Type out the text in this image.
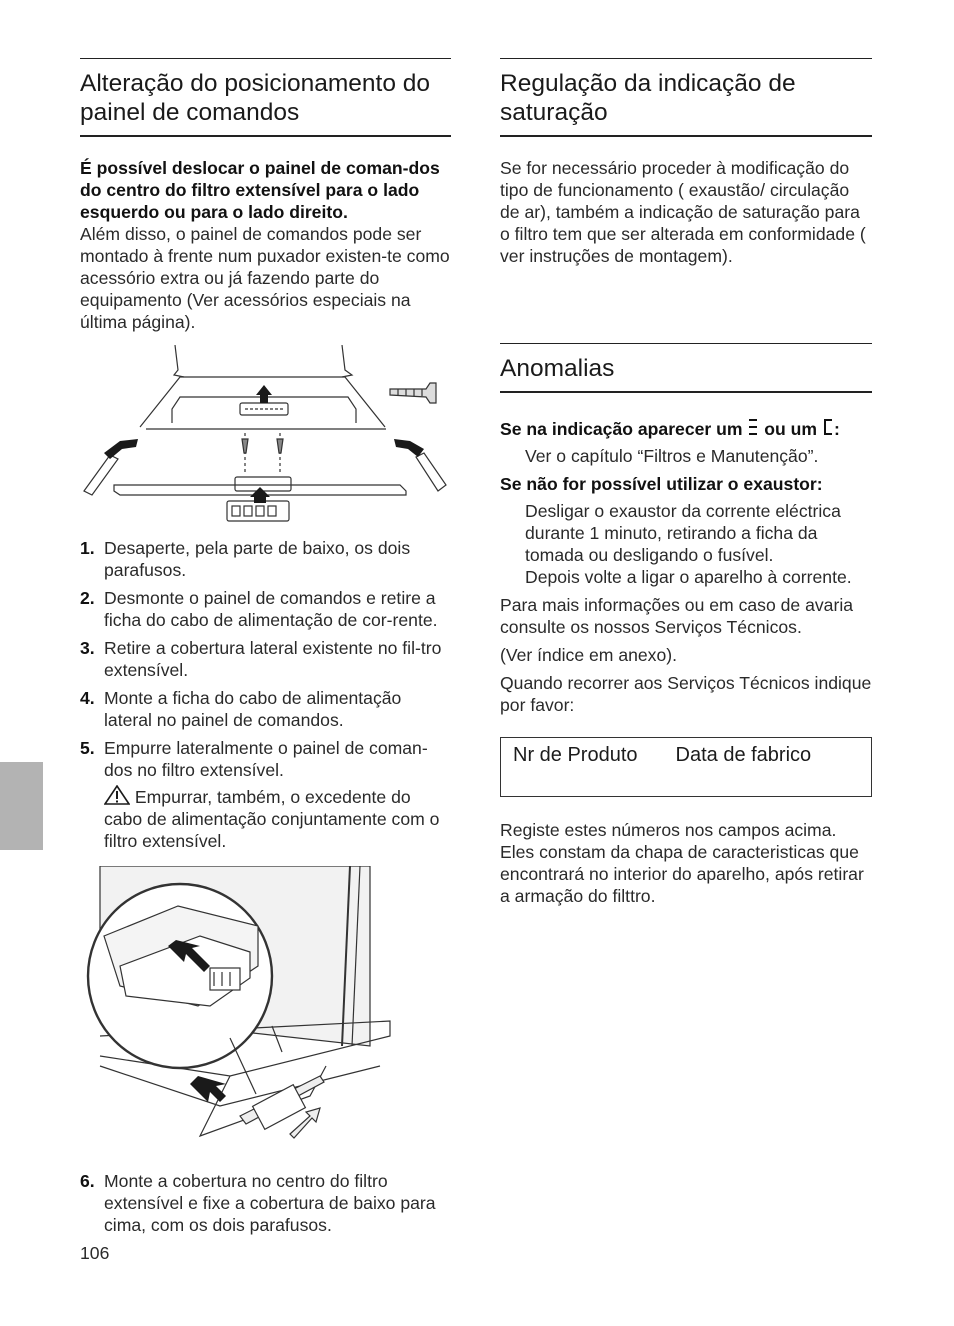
Alteração do posicionamento do painel de comandos

É possível deslocar o painel de coman-dos do centro do filtro extensível para o lado esquerdo ou para o lado direito.

Além disso, o painel de comandos pode ser montado à frente num puxador existen-te como acessório extra ou já fazendo parte do equipamento (Ver acessórios especiais na última página).

1. Desaperte, pela parte de baixo, os dois parafusos.
2. Desmonte o painel de comandos e retire a ficha do cabo de alimentação de cor-rente.
3. Retire a cobertura lateral existente no fil-tro extensível.
4. Monte a ficha do cabo de alimentação lateral no painel de comandos.
5. Empurre lateralmente o painel de coman-dos no filtro extensível.

Empurrar, também, o excedente do cabo de alimentação conjuntamente com o filtro extensível.

6. Monte a cobertura no centro do filtro extensível e fixe a cobertura de baixo para cima, com os dois parafusos.
Regulação da indicação de saturação

Se for necessário proceder à modificação do tipo de funcionamento ( exaustão/ circulação de ar), também a indicação de saturação para o filtro tem que ser alterada em conformidade ( ver instruções de montagem).

Anomalias

Se na indicação aparecer um ou um :

Ver o capítulo “Filtros e Manutenção”.

Se não for possível utilizar o exaustor:

Desligar o exaustor da corrente eléctrica durante 1 minuto, retirando a ficha da tomada ou desligando o fusível.

Depois volte a ligar o aparelho à corrente.

Para mais informações ou em caso de avaria consulte os nossos Serviços Técnicos.

(Ver índice em anexo).

Quando recorrer aos Serviços Técnicos indique por favor:

Nr de Produto Data de fabrico

Registe estes números nos campos acima. Eles constam da chapa de caracteristicas que encontrará no interior do aparelho, após retirar a armação do filttro.

106
